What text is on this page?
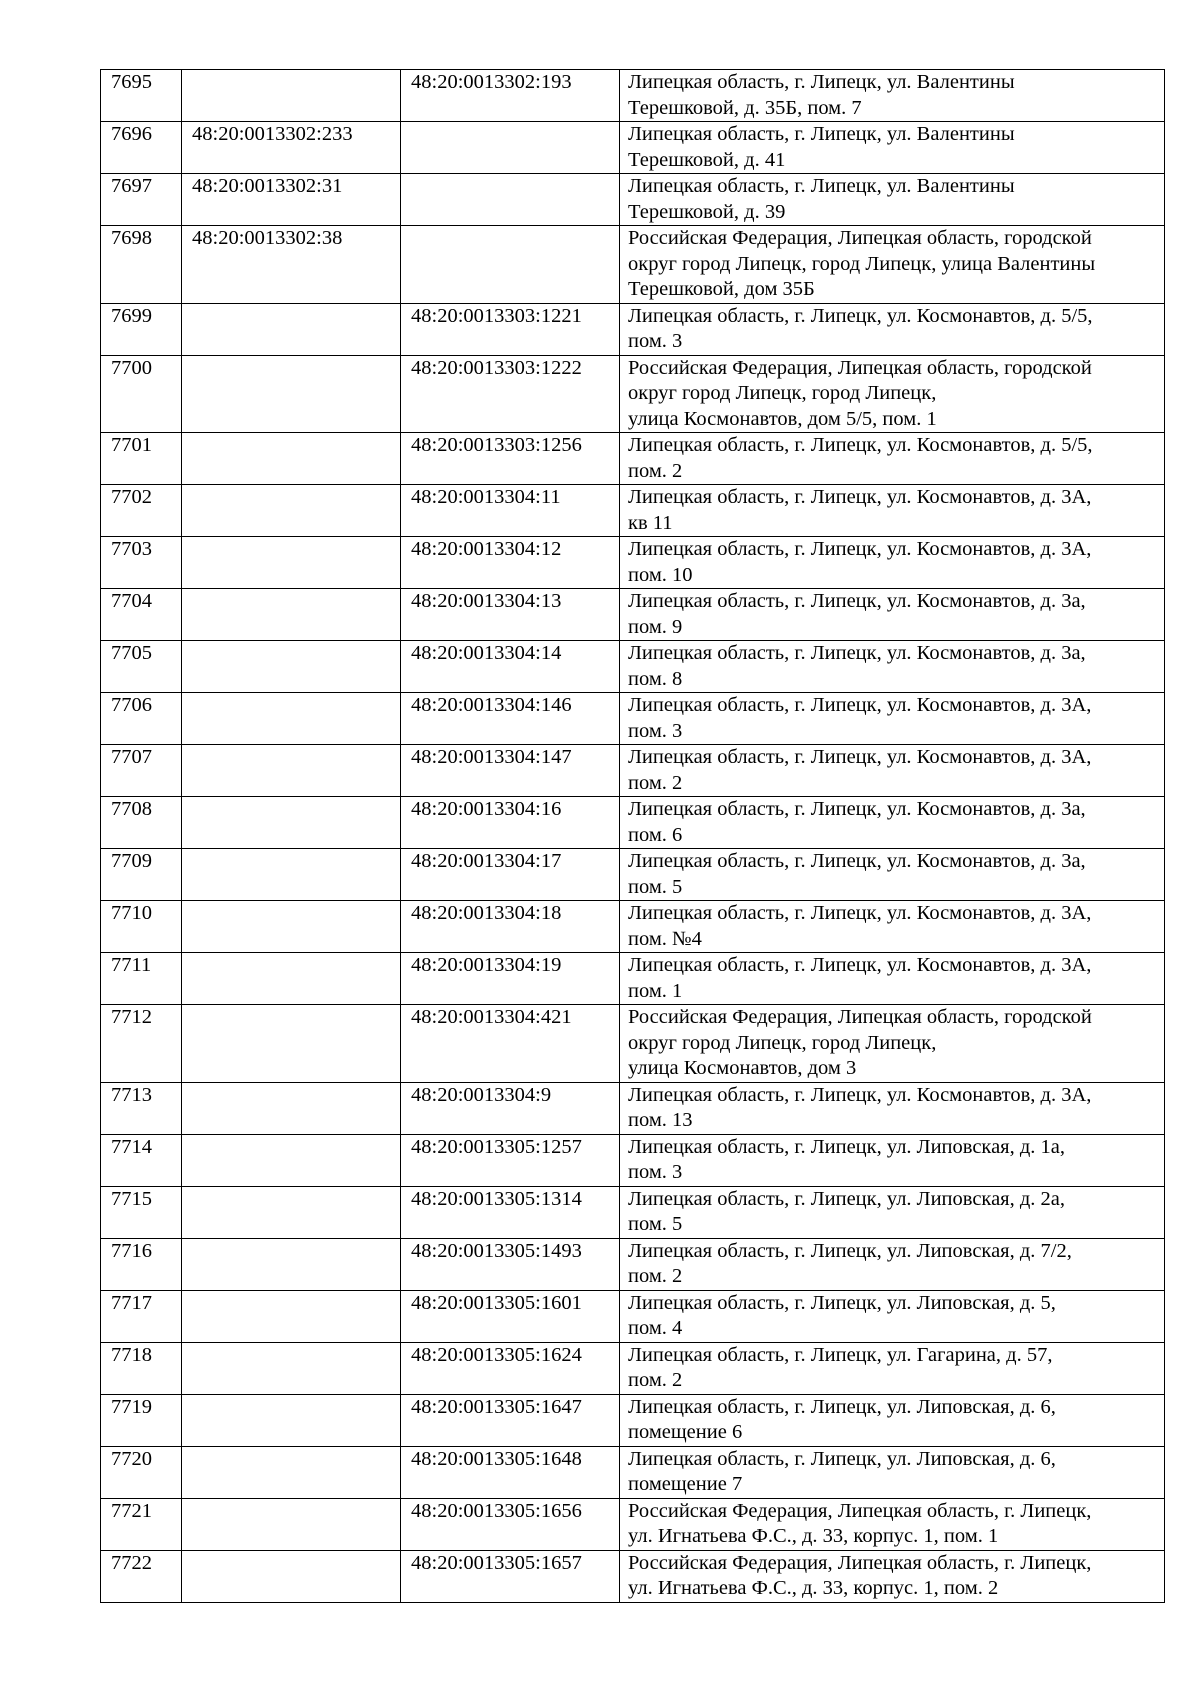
7695		48:20:0013302:193	Липецкая область, г. Липецк, ул. Валентины
Терешковой, д. 35Б, пом. 7

7696	48:20:0013302:233		Липецкая область, г. Липецк, ул. Валентины
Терешковой, д. 41

7697	48:20:0013302:31		Липецкая область, г. Липецк, ул. Валентины
Терешковой, д. 39

7698	48:20:0013302:38		Российская Федерация, Липецкая область, городской
округ город Липецк, город Липецк, улица Валентины
Терешковой, дом 35Б

7699		48:20:0013303:1221	Липецкая область, г. Липецк, ул. Космонавтов, д. 5/5,
пом. 3

7700		48:20:0013303:1222	Российская Федерация, Липецкая область, городской
округ город Липецк, город Липецк,
улица Космонавтов, дом 5/5, пом. 1

7701		48:20:0013303:1256	Липецкая область, г. Липецк, ул. Космонавтов, д. 5/5,
пом. 2

7702		48:20:0013304:11	Липецкая область, г. Липецк, ул. Космонавтов, д. 3А,
кв 11

7703		48:20:0013304:12	Липецкая область, г. Липецк, ул. Космонавтов, д. 3А,
пом. 10

7704		48:20:0013304:13	Липецкая область, г. Липецк, ул. Космонавтов, д. 3а,
пом. 9

7705		48:20:0013304:14	Липецкая область, г. Липецк, ул. Космонавтов, д. 3а,
пом. 8

7706		48:20:0013304:146	Липецкая область, г. Липецк, ул. Космонавтов, д. 3А,
пом. 3

7707		48:20:0013304:147	Липецкая область, г. Липецк, ул. Космонавтов, д. 3А,
пом. 2

7708		48:20:0013304:16	Липецкая область, г. Липецк, ул. Космонавтов, д. 3а,
пом. 6

7709		48:20:0013304:17	Липецкая область, г. Липецк, ул. Космонавтов, д. 3а,
пом. 5

7710		48:20:0013304:18	Липецкая область, г. Липецк, ул. Космонавтов, д. 3А,
пом. №4

7711		48:20:0013304:19	Липецкая область, г. Липецк, ул. Космонавтов, д. 3А,
пом. 1

7712		48:20:0013304:421	Российская Федерация, Липецкая область, городской
округ город Липецк, город Липецк,
улица Космонавтов, дом 3

7713		48:20:0013304:9	Липецкая область, г. Липецк, ул. Космонавтов, д. 3А,
пом. 13

7714		48:20:0013305:1257	Липецкая область, г. Липецк, ул. Липовская, д. 1а,
пом. 3

7715		48:20:0013305:1314	Липецкая область, г. Липецк, ул. Липовская, д. 2а,
пом. 5

7716		48:20:0013305:1493	Липецкая область, г. Липецк, ул. Липовская, д. 7/2,
пом. 2

7717		48:20:0013305:1601	Липецкая область, г. Липецк, ул. Липовская, д. 5,
пом. 4

7718		48:20:0013305:1624	Липецкая область, г. Липецк, ул. Гагарина, д. 57,
пом. 2

7719		48:20:0013305:1647	Липецкая область, г. Липецк, ул. Липовская, д. 6,
помещение 6

7720		48:20:0013305:1648	Липецкая область, г. Липецк, ул. Липовская, д. 6,
помещение 7

7721		48:20:0013305:1656	Российская Федерация, Липецкая область, г. Липецк,
ул. Игнатьева Ф.С., д. 33, корпус. 1, пом. 1

7722		48:20:0013305:1657	Российская Федерация, Липецкая область, г. Липецк,
ул. Игнатьева Ф.С., д. 33, корпус. 1, пом. 2
